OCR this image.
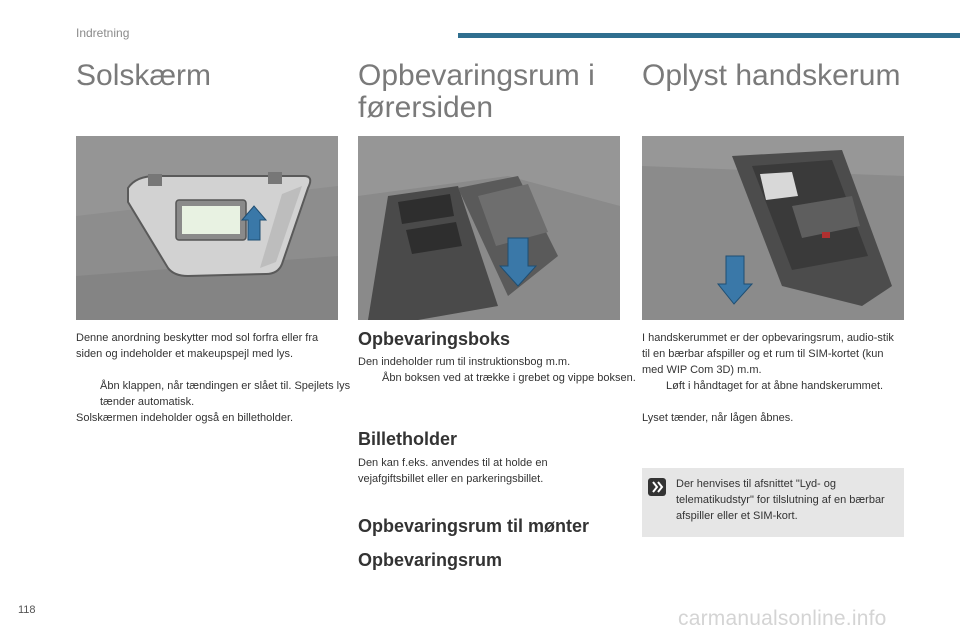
Indretning
Solskærm

Denne anordning beskytter mod sol forfra eller fra siden og indeholder et makeupspejl med lys.

Åbn klappen, når tændingen er slået til. Spejlets lys tænder automatisk.

Solskærmen indeholder også en billetholder.

Opbevaringsrum i førersiden
Opbevaringsboks

Den indeholder rum til instruktionsbog m.m.

Åbn boksen ved at trække i grebet og vippe boksen.
Billetholder

Den kan f.eks. anvendes til at holde en vejafgiftsbillet eller en parkeringsbillet.

Opbevaringsrum til mønter
Opbevaringsrum
Oplyst handskerum

I handskerummet er der opbevaringsrum, audio-stik til en bærbar afspiller og et rum til SIM-kortet (kun med WIP Com 3D) m.m.

Løft i håndtaget for at åbne handskerummet.

Lyset tænder, når lågen åbnes.

Der henvises til afsnittet "Lyd- og telematikudstyr" for tilslutning af en bærbar afspiller eller et SIM-kort.
118	carmanualsonline.info
